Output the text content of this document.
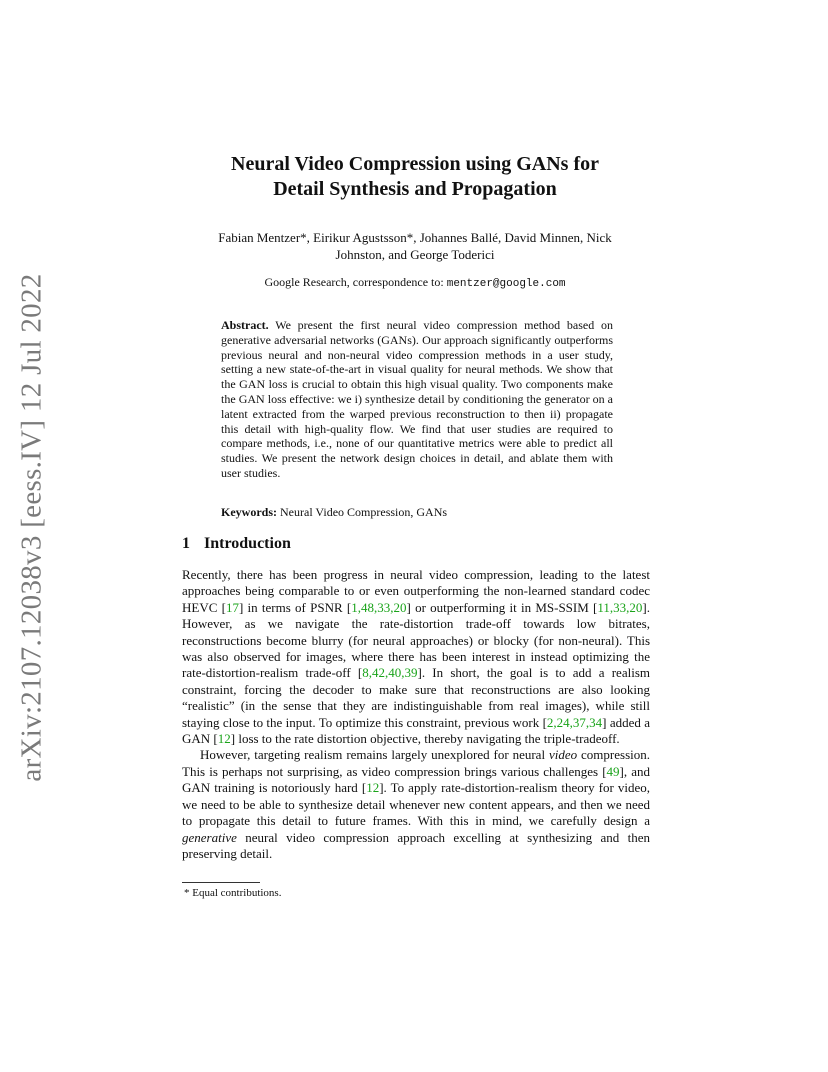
arXiv:2107.12038v3 [eess.IV] 12 Jul 2022
Neural Video Compression using GANs for
Detail Synthesis and Propagation
Fabian Mentzer*, Eirikur Agustsson*, Johannes Ballé, David Minnen, Nick
Johnston, and George Toderici
Google Research, correspondence to: mentzer@google.com
Abstract. We present the first neural video compression method based on generative adversarial networks (GANs). Our approach significantly outperforms previous neural and non-neural video compression methods in a user study, setting a new state-of-the-art in visual quality for neural methods. We show that the GAN loss is crucial to obtain this high visual quality. Two components make the GAN loss effective: we i) synthesize detail by conditioning the generator on a latent extracted from the warped previous reconstruction to then ii) propagate this detail with high-quality flow. We find that user studies are required to compare methods, i.e., none of our quantitative metrics were able to predict all studies. We present the network design choices in detail, and ablate them with user studies.
Keywords: Neural Video Compression, GANs
1 Introduction

Recently, there has been progress in neural video compression, leading to the latest approaches being comparable to or even outperforming the non-learned standard codec HEVC [17] in terms of PSNR [1,48,33,20] or outperforming it in MS-SSIM [11,33,20]. However, as we navigate the rate-distortion trade-off towards low bitrates, reconstructions become blurry (for neural approaches) or blocky (for non-neural). This was also observed for images, where there has been interest in instead optimizing the rate-distortion-realism trade-off [8,42,40,39]. In short, the goal is to add a realism constraint, forcing the decoder to make sure that reconstructions are also looking “realistic” (in the sense that they are indistinguishable from real images), while still staying close to the input. To optimize this constraint, previous work [2,24,37,34] added a GAN [12] loss to the rate distortion objective, thereby navigating the triple-tradeoff.

However, targeting realism remains largely unexplored for neural video compression. This is perhaps not surprising, as video compression brings various challenges [49], and GAN training is notoriously hard [12]. To apply rate-distortion-realism theory for video, we need to be able to synthesize detail whenever new content appears, and then we need to propagate this detail to future frames. With this in mind, we carefully design a generative neural video compression approach excelling at synthesizing and then preserving detail.

* Equal contributions.
